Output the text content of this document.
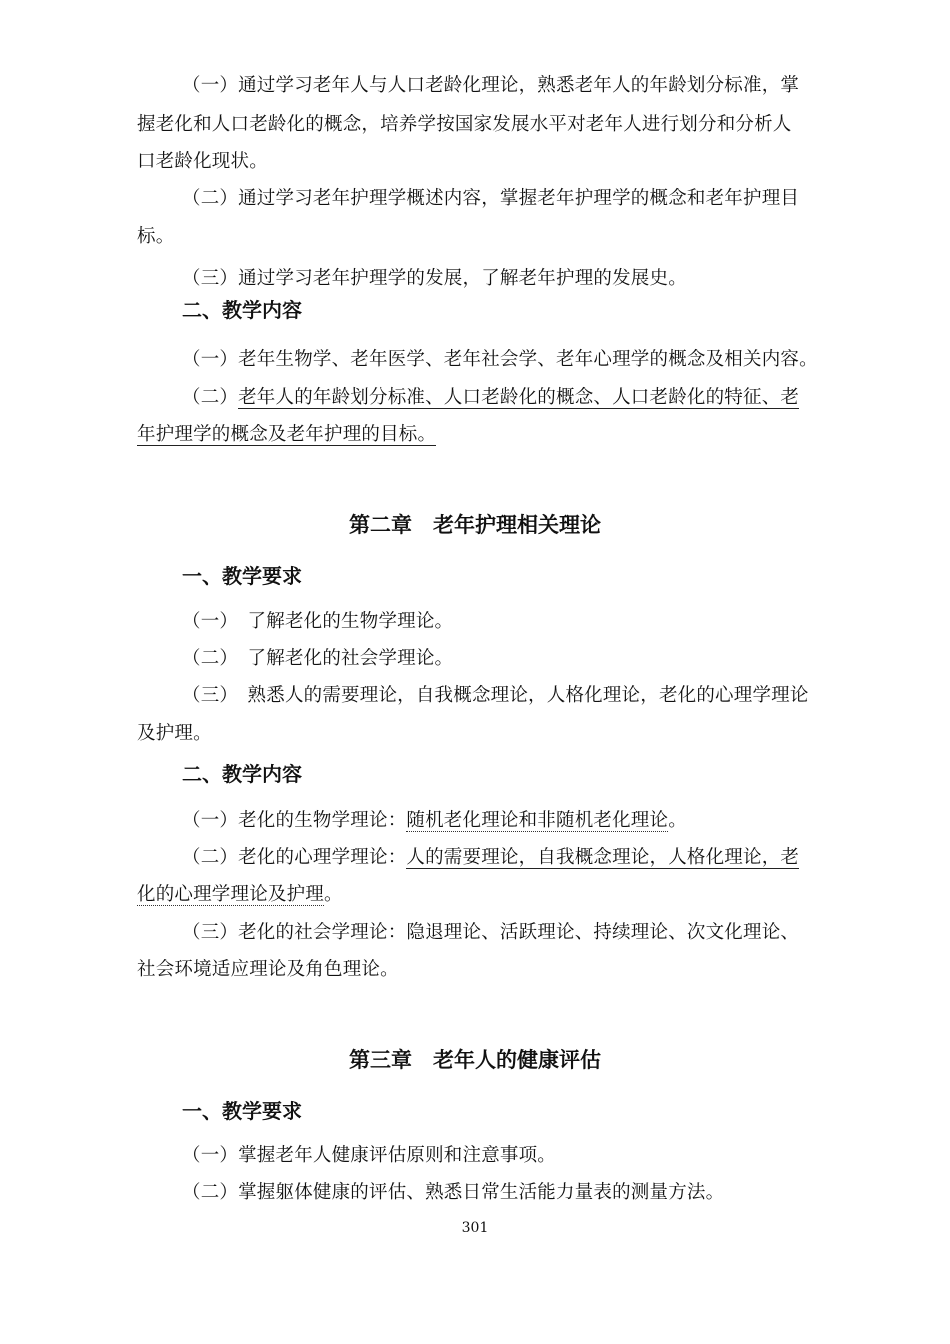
（一）通过学习老年人与人口老龄化理论，熟悉老年人的年龄划分标准，掌
握老化和人口老龄化的概念，培养学按国家发展水平对老年人进行划分和分析人
口老龄化现状。
（二）通过学习老年护理学概述内容，掌握老年护理学的概念和老年护理目
标。
（三）通过学习老年护理学的发展，了解老年护理的发展史。
二、教学内容
（一）老年生物学、老年医学、老年社会学、老年心理学的概念及相关内容。
（二）老年人的年龄划分标准、人口老龄化的概念、人口老龄化的特征、老
年护理学的概念及老年护理的目标。
第二章　老年护理相关理论
一、教学要求
（一）　了解老化的生物学理论。
（二）　了解老化的社会学理论。
（三）　熟悉人的需要理论，自我概念理论，人格化理论，老化的心理学理论
及护理。
二、教学内容
（一）老化的生物学理论：随机老化理论和非随机老化理论。
（二）老化的心理学理论：人的需要理论，自我概念理论，人格化理论，老
化的心理学理论及护理。
（三）老化的社会学理论：隐退理论、活跃理论、持续理论、次文化理论、
社会环境适应理论及角色理论。
第三章　老年人的健康评估
一、教学要求
（一）掌握老年人健康评估原则和注意事项。
（二）掌握躯体健康的评估、熟悉日常生活能力量表的测量方法。
301
